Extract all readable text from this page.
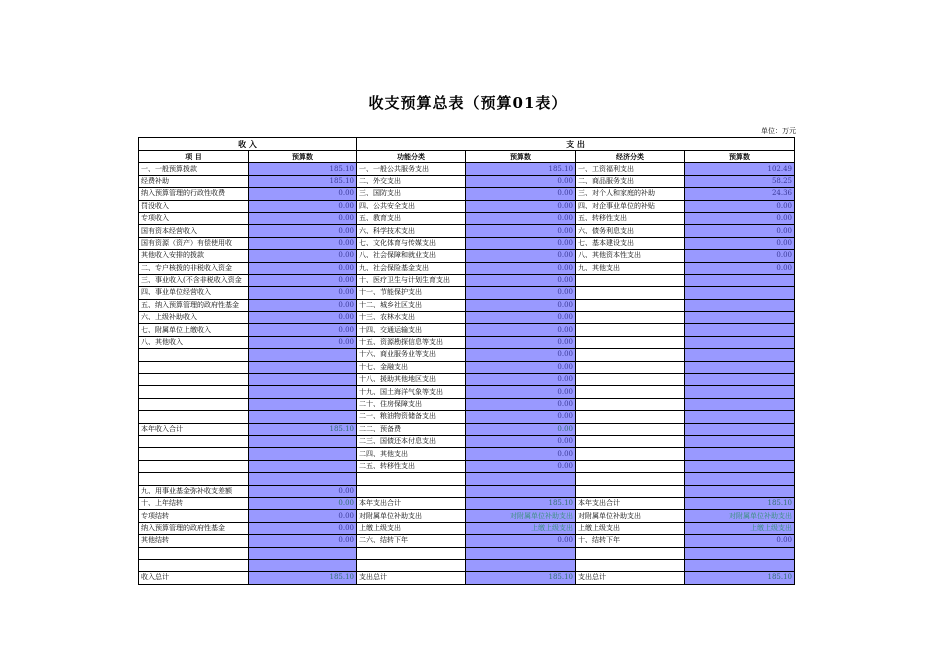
收支预算总表（预算01表）
单位：万元
收 入		支 出			
项 目	预算数	功能分类	预算数	经济分类	预算数
一、一般预算拨款	185.10	一、一般公共服务支出	185.10	一、工资福利支出	102.49
经费补助	185.10	二、外交支出	0.00	二、商品服务支出	58.25
纳入预算管理的行政性收费	0.00	三、国防支出	0.00	三、对个人和家庭的补助	24.36
罚没收入	0.00	四、公共安全支出	0.00	四、对企事业单位的补贴	0.00
专项收入	0.00	五、教育支出	0.00	五、转移性支出	0.00
国有资本经营收入	0.00	六、科学技术支出	0.00	六、债务利息支出	0.00
国有资源（资产）有偿使用收	0.00	七、文化体育与传媒支出	0.00	七、基本建设支出	0.00
其他收入安排的拨款	0.00	八、社会保障和就业支出	0.00	八、其他资本性支出	0.00
二、专户核拨的非税收入资金	0.00	九、社会保险基金支出	0.00	九、其他支出	0.00
三、事业收入(不含非税收入资金	0.00	十、医疗卫生与计划生育支出	0.00		
四、事业单位经营收入	0.00	十一、节能保护支出	0.00		
五、纳入预算管理的政府性基金	0.00	十二、城乡社区支出	0.00		
六、上级补助收入	0.00	十三、农林水支出	0.00		
七、附属单位上缴收入	0.00	十四、交通运输支出	0.00		
八、其他收入	0.00	十五、资源勘探信息等支出	0.00		
		十六、商业服务业等支出	0.00		
		十七、金融支出	0.00		
		十八、援助其他地区支出	0.00		
		十九、国土海洋气象等支出	0.00		
		二十、住房保障支出	0.00		
		二一、粮油物资储备支出	0.00		
本年收入合计	185.10	二二、预备费	0.00		
		二三、国债还本付息支出	0.00		
		二四、其他支出	0.00		
		二五、转移性支出	0.00		

九、用事业基金弥补收支差额	0.00				
十、上年结转	0.00	本年支出合计	185.10	本年支出合计	185.10
专项结转	0.00	对附属单位补助支出	对附属单位补助支出	对附属单位补助支出	对附属单位补助支出
纳入预算管理的政府性基金	0.00	上缴上级支出	上缴上级支出	上缴上级支出	上缴上级支出
其他结转	0.00	二六、结转下年	0.00	十、结转下年	0.00

收入总计	185.10	支出总计	185.10	支出总计	185.10
